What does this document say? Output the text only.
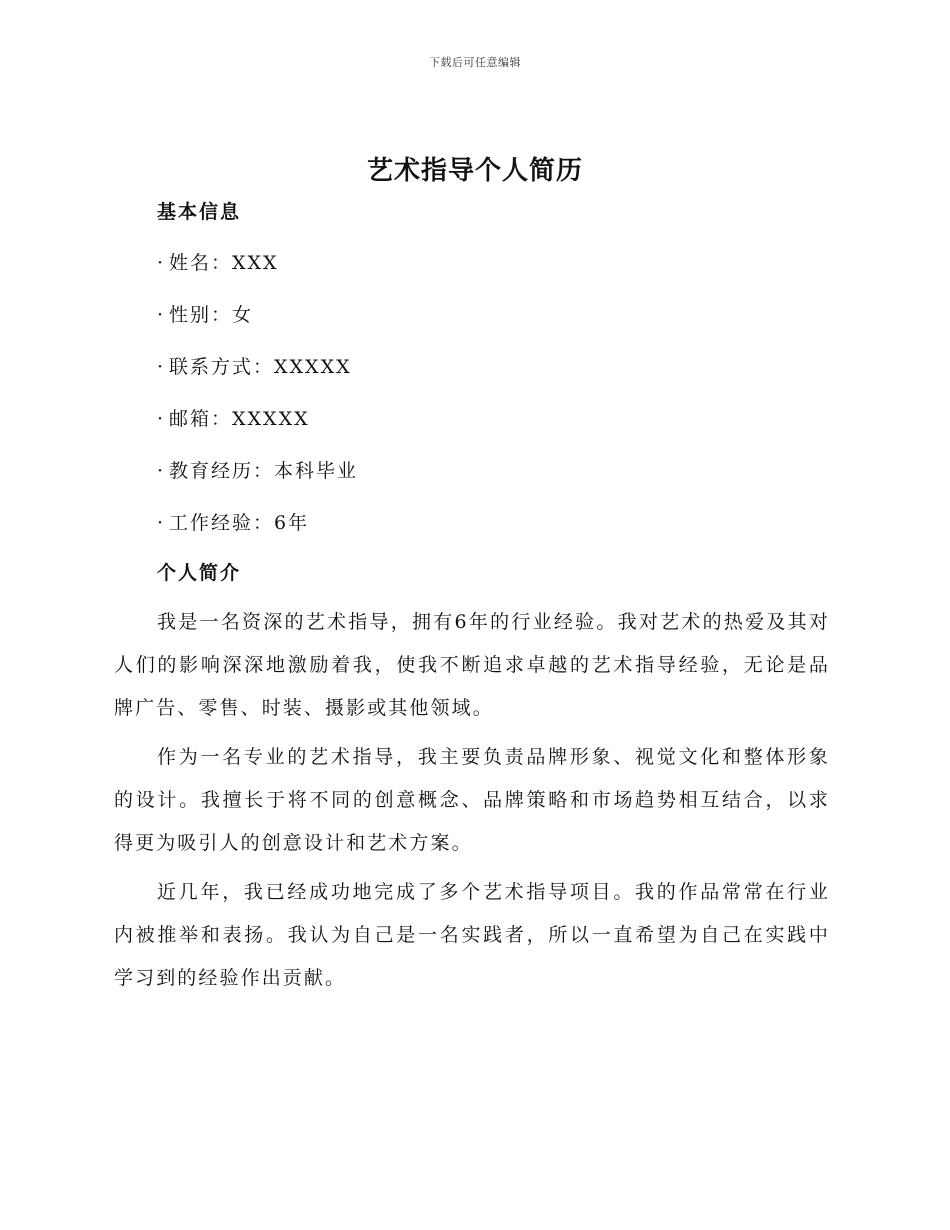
下载后可任意编辑
艺术指导个人简历
基本信息
· 姓名：XXX
· 性别：女
· 联系方式：XXXXX
· 邮箱：XXXXX
· 教育经历：本科毕业
· 工作经验：6年
个人简介

我是一名资深的艺术指导，拥有6年的行业经验。我对艺术的热爱及其对人们的影响深深地激励着我，使我不断追求卓越的艺术指导经验，无论是品牌广告、零售、时装、摄影或其他领域。

作为一名专业的艺术指导，我主要负责品牌形象、视觉文化和整体形象的设计。我擅长于将不同的创意概念、品牌策略和市场趋势相互结合，以求得更为吸引人的创意设计和艺术方案。

近几年，我已经成功地完成了多个艺术指导项目。我的作品常常在行业内被推举和表扬。我认为自己是一名实践者，所以一直希望为自己在实践中学习到的经验作出贡献。
